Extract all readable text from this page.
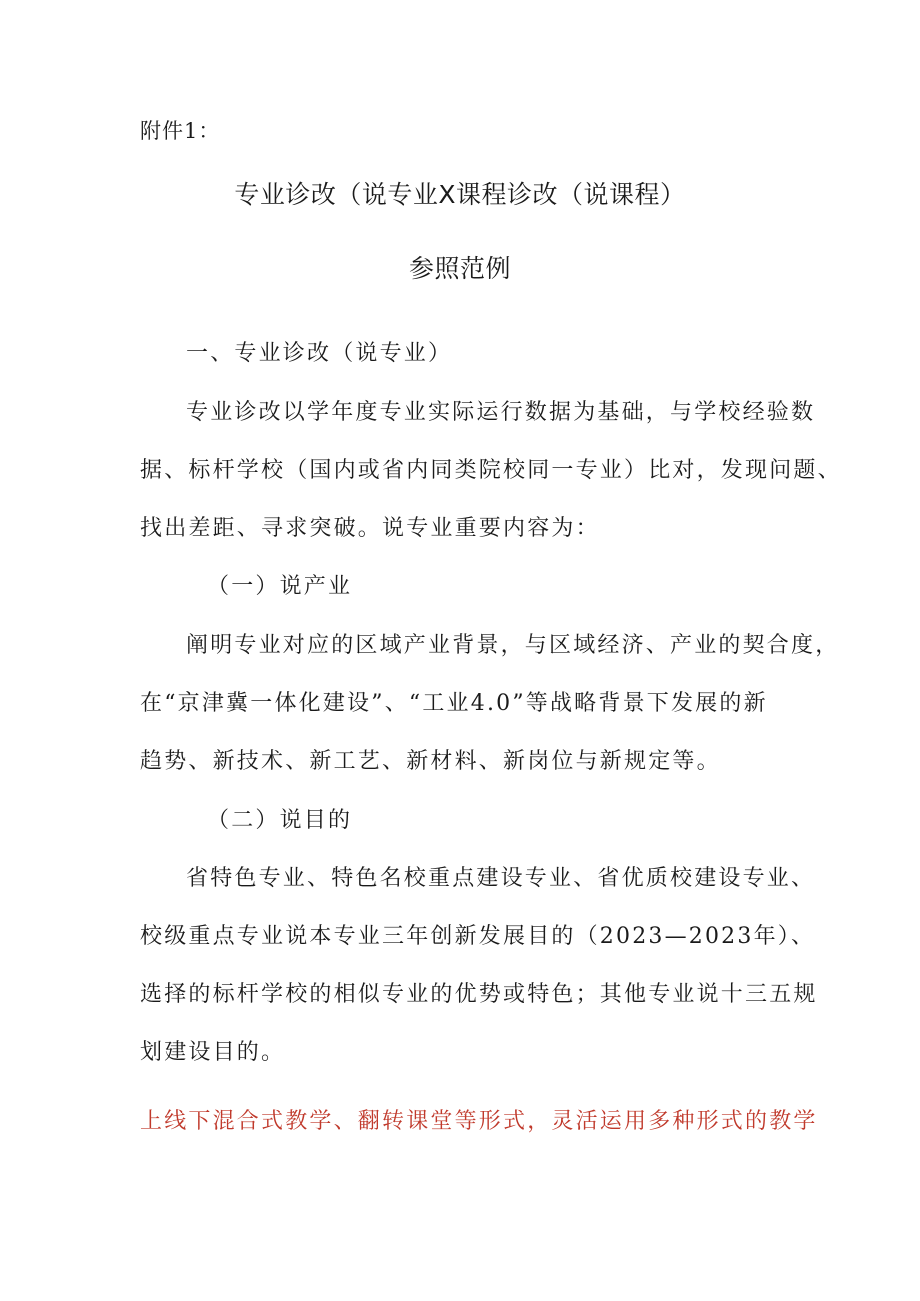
附件1：
专业诊改（说专业X课程诊改（说课程）
参照范例
一、专业诊改（说专业）
专业诊改以学年度专业实际运行数据为基础，与学校经验数
据、标杆学校（国内或省内同类院校同一专业）比对，发现问题、
找出差距、寻求突破。说专业重要内容为：
（一）说产业
阐明专业对应的区域产业背景，与区域经济、产业的契合度，
在“京津冀一体化建设”、“工业4.0”等战略背景下发展的新
趋势、新技术、新工艺、新材料、新岗位与新规定等。
（二）说目的
省特色专业、特色名校重点建设专业、省优质校建设专业、
校级重点专业说本专业三年创新发展目的（2023—2023年）、
选择的标杆学校的相似专业的优势或特色；其他专业说十三五规
划建设目的。
上线下混合式教学、翻转课堂等形式，灵活运用多种形式的教学
